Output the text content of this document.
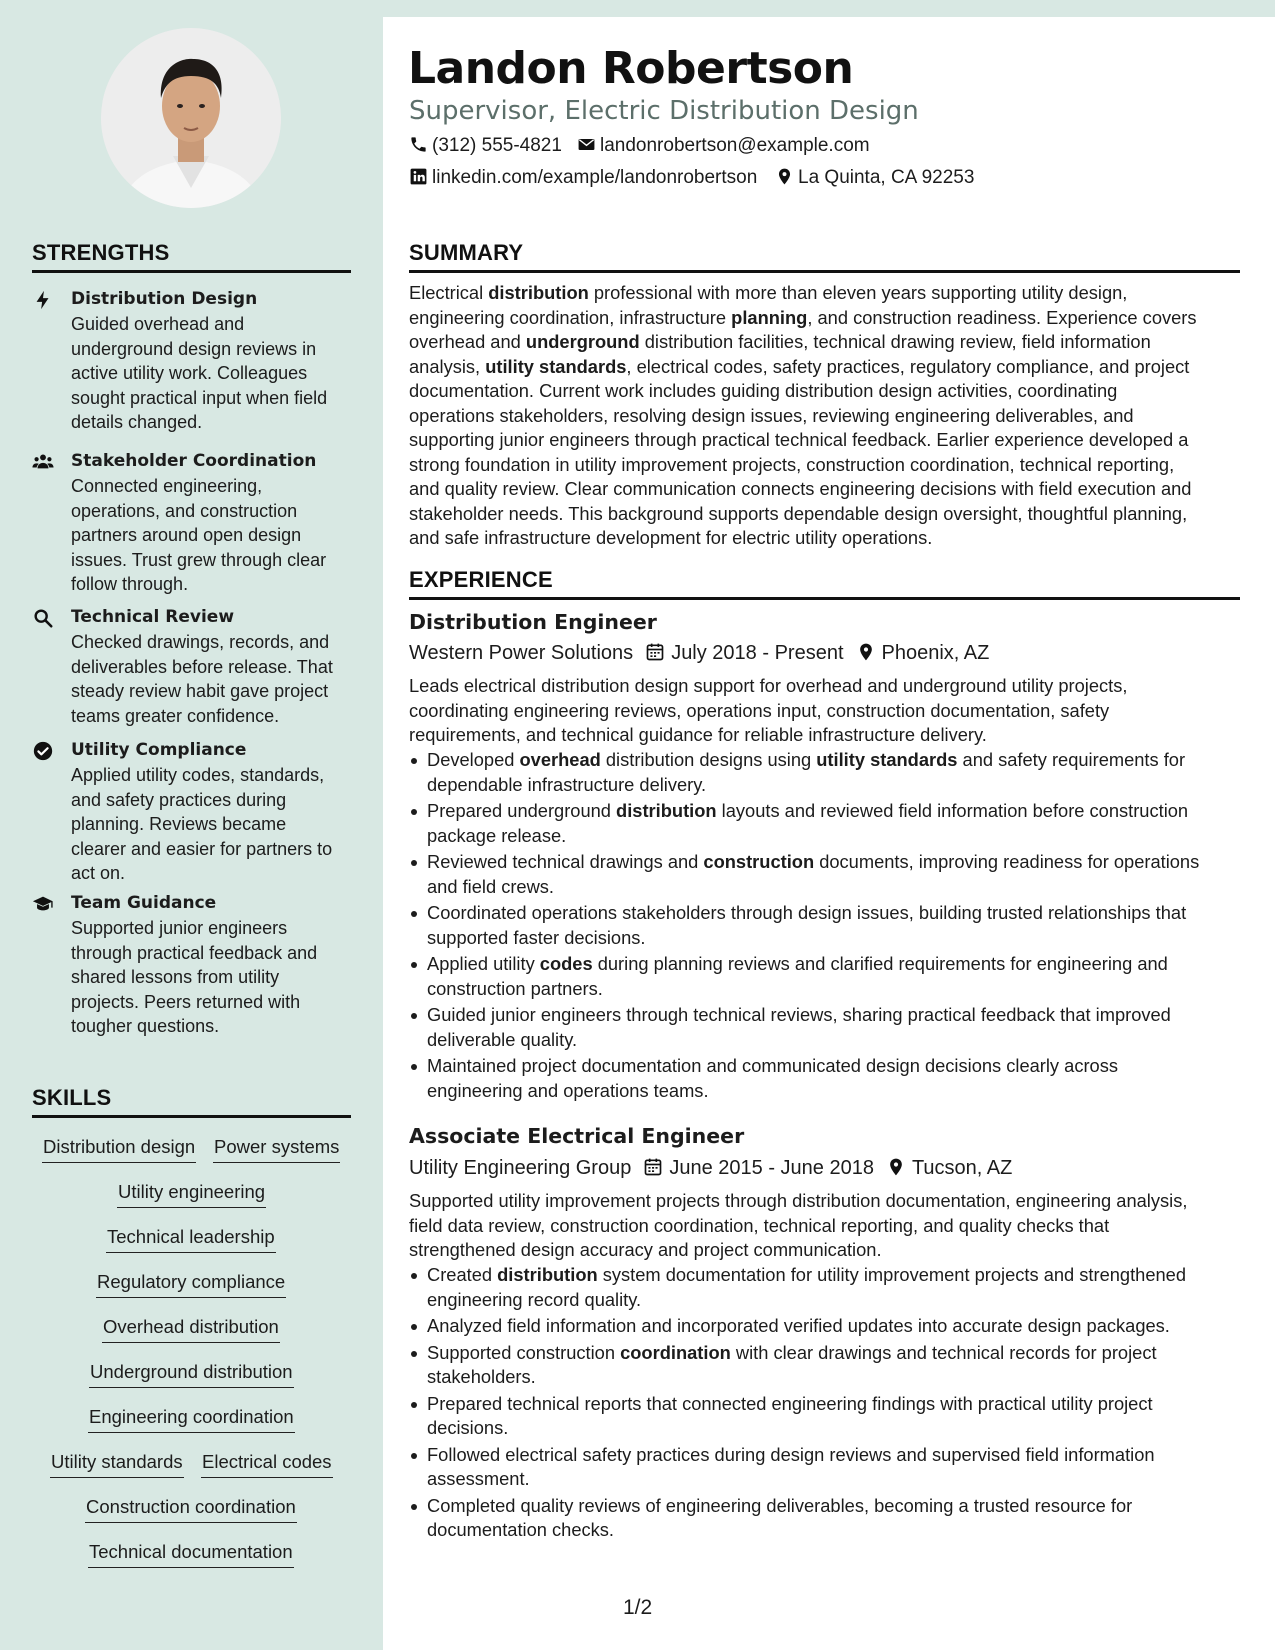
Landon Robertson
Supervisor, Electric Distribution Design
(312) 555-4821	landonrobertson@example.com
linkedin.com/example/landonrobertson	La Quinta, CA 92253
STRENGTHS
Distribution Design
Guided overhead and
underground design reviews in
active utility work. Colleagues
sought practical input when field
details changed.
Stakeholder Coordination
Connected engineering,
operations, and construction
partners around open design
issues. Trust grew through clear
follow through.
Technical Review
Checked drawings, records, and
deliverables before release. That
steady review habit gave project
teams greater confidence.
Utility Compliance
Applied utility codes, standards,
and safety practices during
planning. Reviews became
clearer and easier for partners to
act on.
Team Guidance
Supported junior engineers
through practical feedback and
shared lessons from utility
projects. Peers returned with
tougher questions.
SKILLS
Distribution design Power systems
Utility engineering
Technical leadership
Regulatory compliance
Overhead distribution
Underground distribution
Engineering coordination
Utility standards Electrical codes
Construction coordination
Technical documentation
SUMMARY
Electrical distribution professional with more than eleven years supporting utility design,
engineering coordination, infrastructure planning, and construction readiness. Experience covers
overhead and underground distribution facilities, technical drawing review, field information
analysis, utility standards, electrical codes, safety practices, regulatory compliance, and project
documentation. Current work includes guiding distribution design activities, coordinating
operations stakeholders, resolving design issues, reviewing engineering deliverables, and
supporting junior engineers through practical technical feedback. Earlier experience developed a
strong foundation in utility improvement projects, construction coordination, technical reporting,
and quality review. Clear communication connects engineering decisions with field execution and
stakeholder needs. This background supports dependable design oversight, thoughtful planning,
and safe infrastructure development for electric utility operations.
EXPERIENCE
Distribution Engineer
Western Power Solutions July 2018 - Present Phoenix, AZ
Leads electrical distribution design support for overhead and underground utility projects,
coordinating engineering reviews, operations input, construction documentation, safety
requirements, and technical guidance for reliable infrastructure delivery.
Developed overhead distribution designs using utility standards and safety requirements for
dependable infrastructure delivery.
Prepared underground distribution layouts and reviewed field information before construction
package release.
Reviewed technical drawings and construction documents, improving readiness for operations
and field crews.
Coordinated operations stakeholders through design issues, building trusted relationships that
supported faster decisions.
Applied utility codes during planning reviews and clarified requirements for engineering and
construction partners.
Guided junior engineers through technical reviews, sharing practical feedback that improved
deliverable quality.
Maintained project documentation and communicated design decisions clearly across
engineering and operations teams.
Associate Electrical Engineer
Utility Engineering Group June 2015 - June 2018 Tucson, AZ
Supported utility improvement projects through distribution documentation, engineering analysis,
field data review, construction coordination, technical reporting, and quality checks that
strengthened design accuracy and project communication.
Created distribution system documentation for utility improvement projects and strengthened
engineering record quality.
Analyzed field information and incorporated verified updates into accurate design packages.
Supported construction coordination with clear drawings and technical records for project
stakeholders.
Prepared technical reports that connected engineering findings with practical utility project
decisions.
Followed electrical safety practices during design reviews and supervised field information
assessment.
Completed quality reviews of engineering deliverables, becoming a trusted resource for
documentation checks.
1/2
